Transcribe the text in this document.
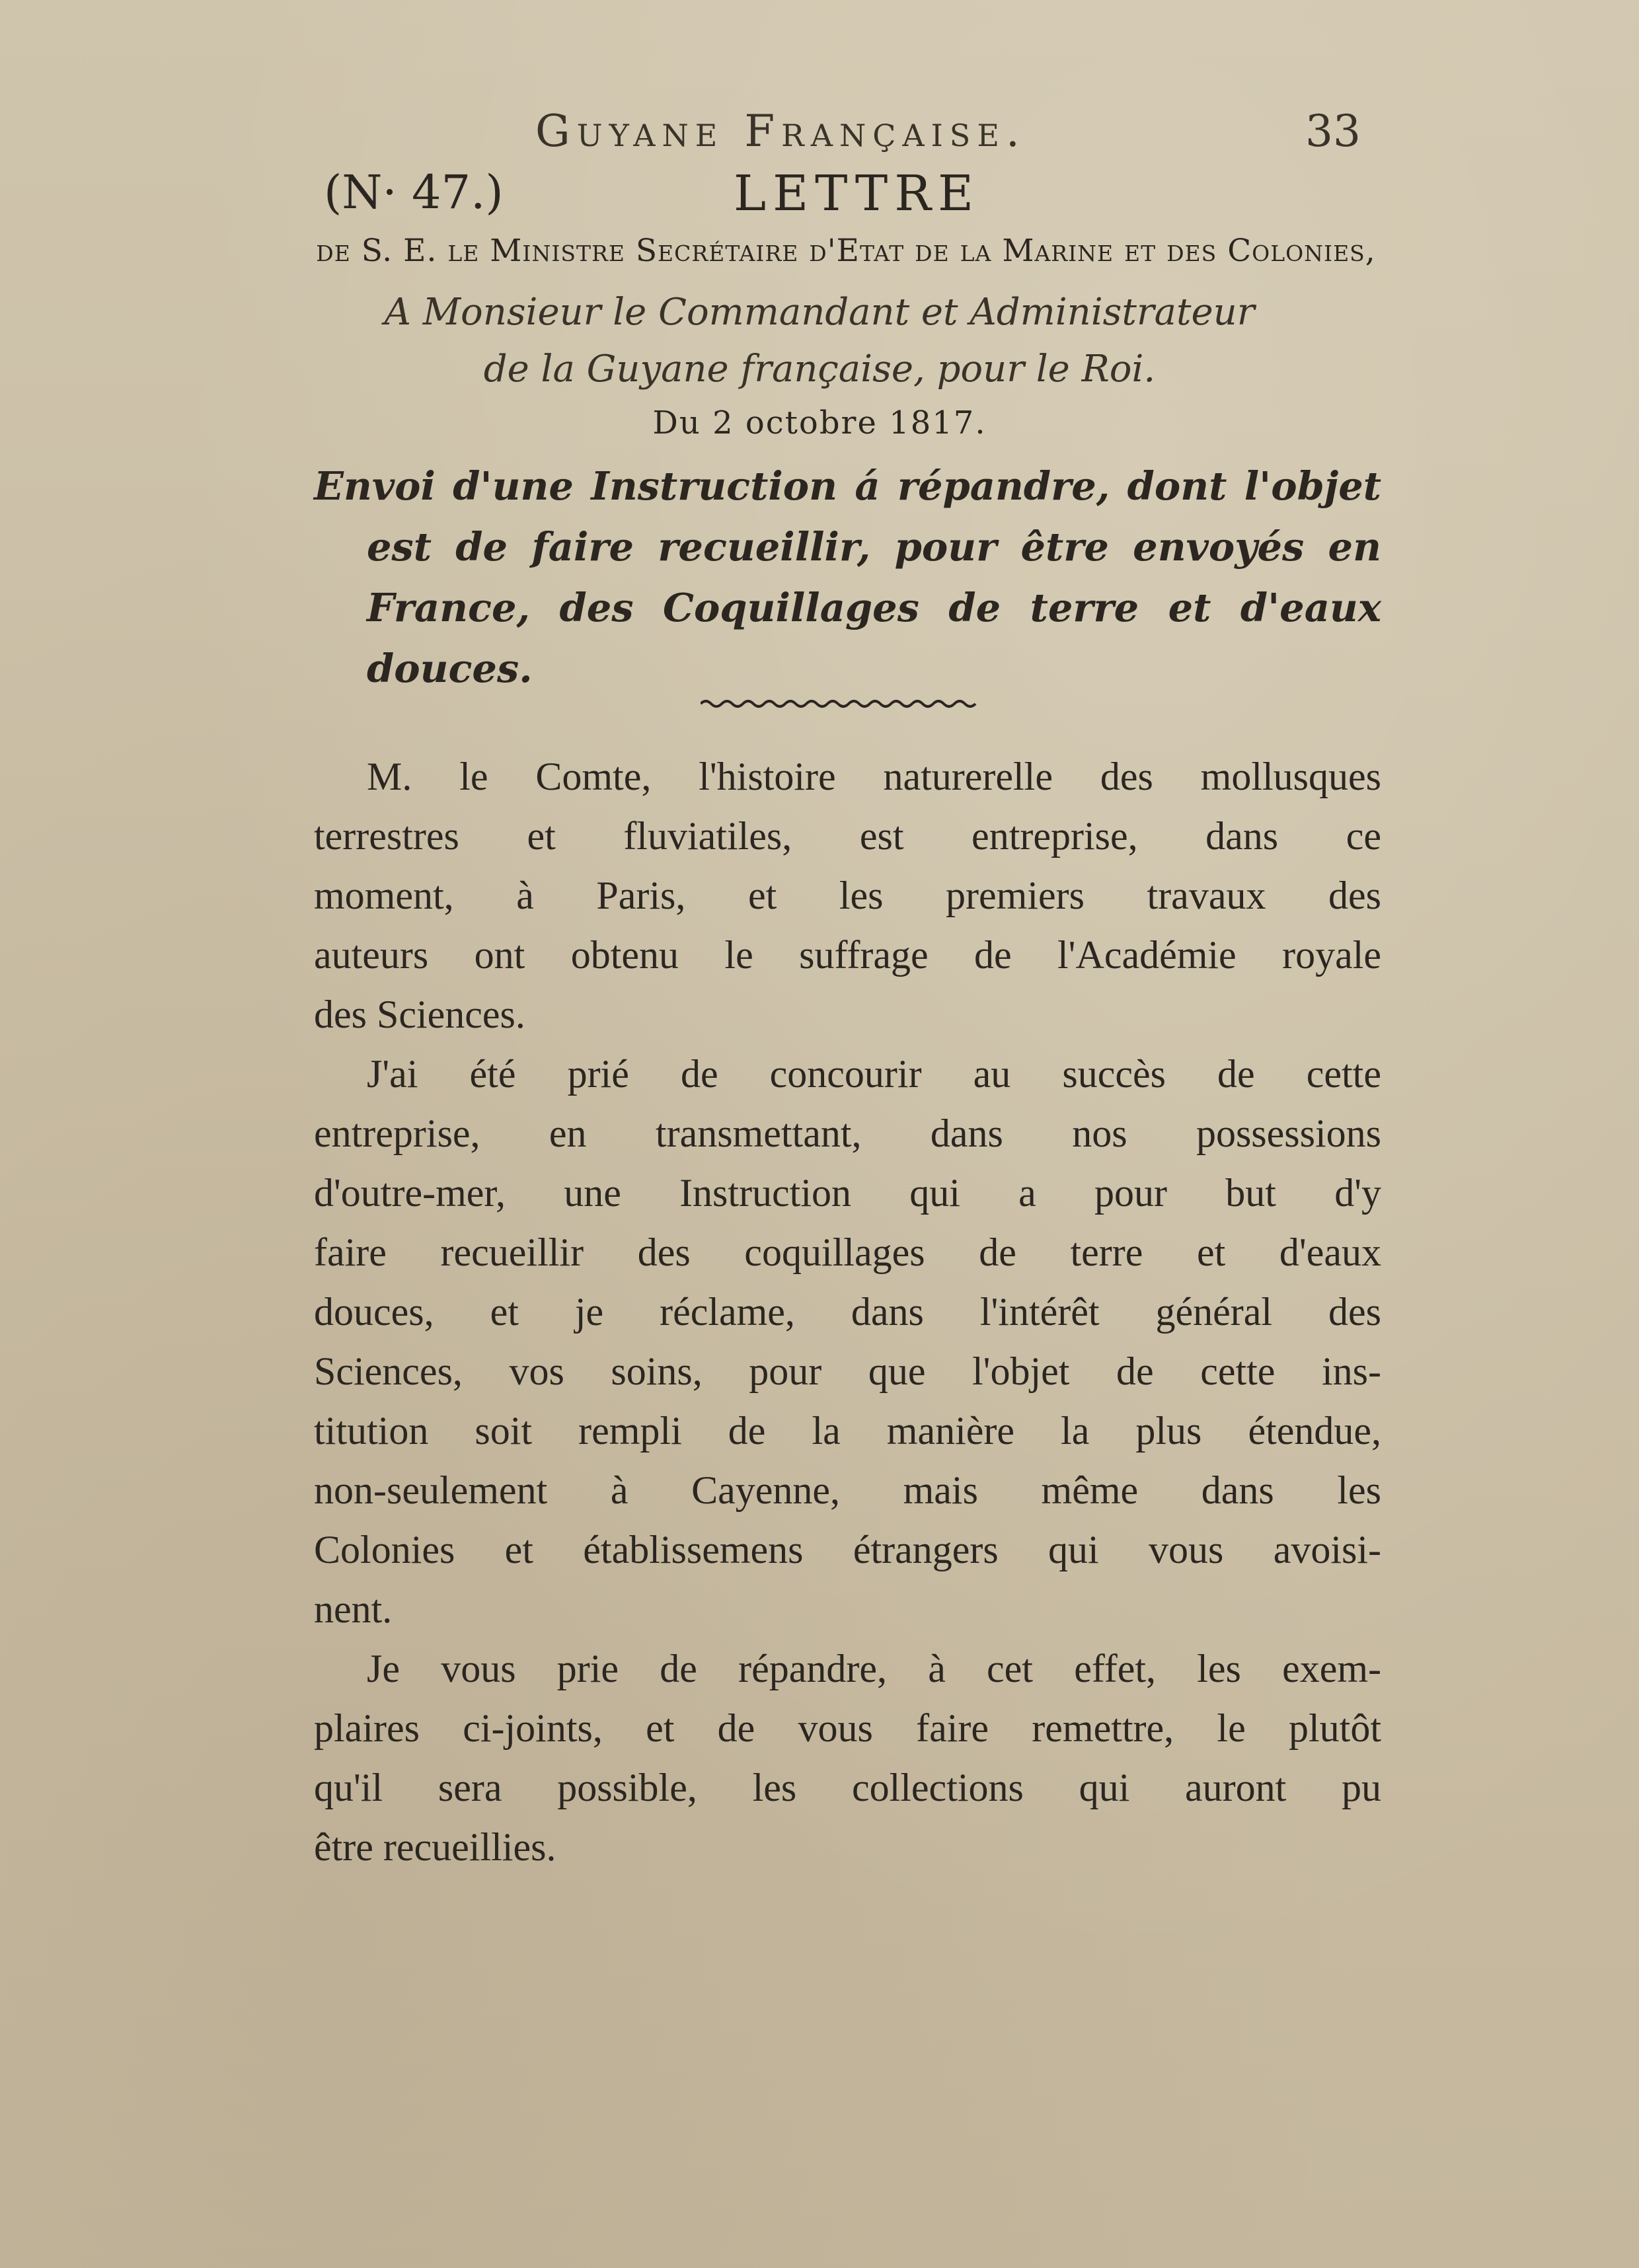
Guyane Française.	33
(N· 47.)	LETTRE
de S. E. le Ministre Secrétaire d'Etat de la Marine et des Colonies,
A Monsieur le Commandant et Administrateur
de la Guyane française, pour le Roi.
Du 2 octobre 1817.
Envoi d'une Instruction á répandre, dont l'objet
est de faire recueillir, pour être envoyés en
France, des Coquillages de terre et d'eaux
douces.
M. le Comte, l'histoire naturerelle des mollusques
terrestres et fluviatiles, est entreprise, dans ce
moment, à Paris, et les premiers travaux des
auteurs ont obtenu le suffrage de l'Académie royale
des Sciences.
J'ai été prié de concourir au succès de cette
entreprise, en transmettant, dans nos possessions
d'outre-mer, une Instruction qui a pour but d'y
faire recueillir des coquillages de terre et d'eaux
douces, et je réclame, dans l'intérêt général des
Sciences, vos soins, pour que l'objet de cette ins-
titution soit rempli de la manière la plus étendue,
non-seulement à Cayenne, mais même dans les
Colonies et établissemens étrangers qui vous avoisi-
nent.
Je vous prie de répandre, à cet effet, les exem-
plaires ci-joints, et de vous faire remettre, le plutôt
qu'il sera possible, les collections qui auront pu
être recueillies.
